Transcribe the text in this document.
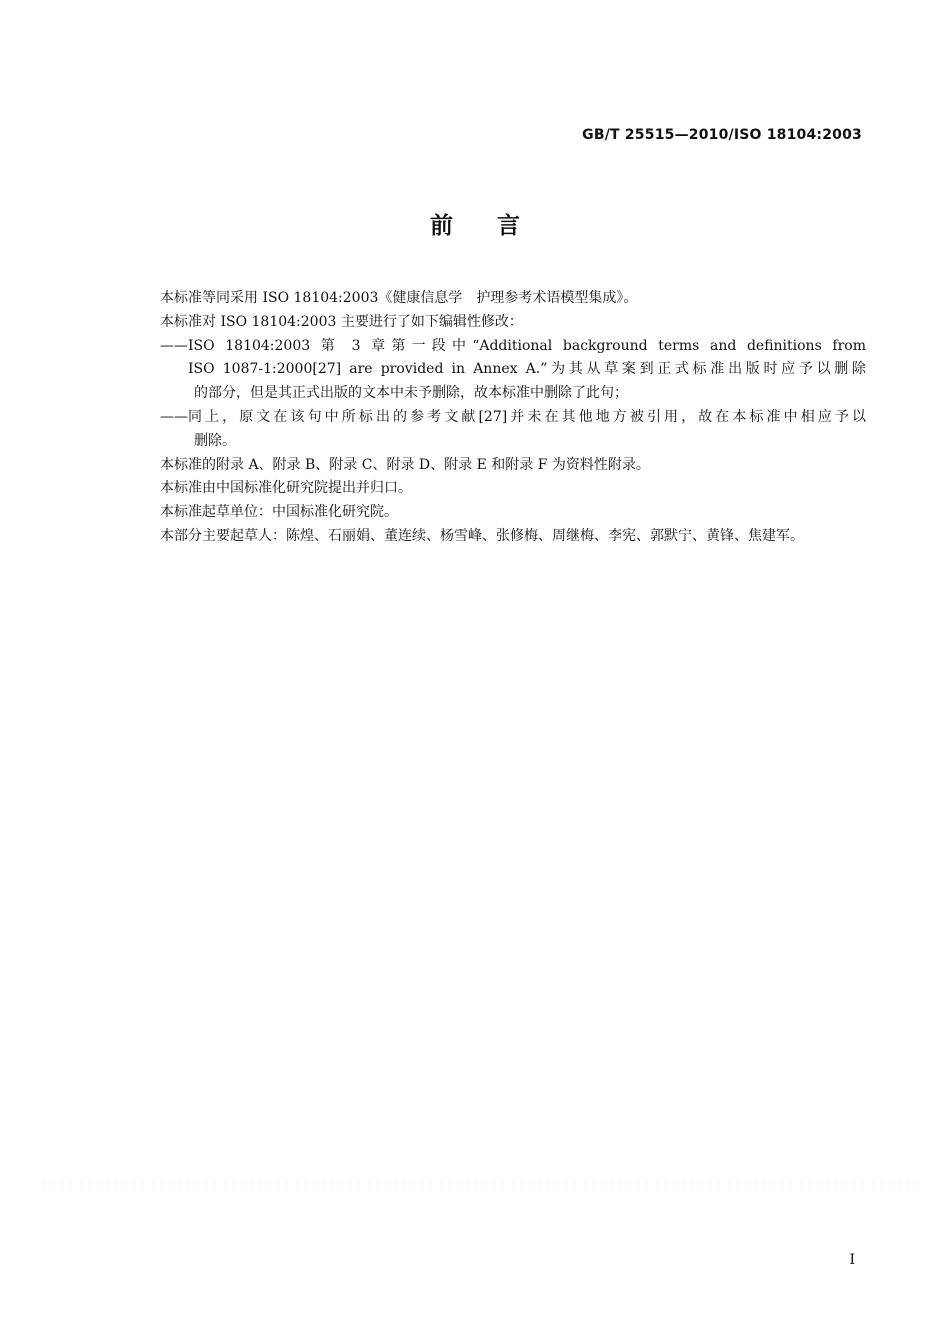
GB/T 25515—2010/ISO 18104:2003
前言

本标准等同采用 ISO 18104:2003《健康信息学　护理参考术语模型集成》。

本标准对 ISO 18104:2003 主要进行了如下编辑性修改：

—— ISO 18104:2003 第 3 章第一段中“Additional background terms and definitions from
ISO 1087-1:2000[27] are provided in Annex A.”为其从草案到正式标准出版时应予以删除
的部分，但是其正式出版的文本中未予删除，故本标准中删除了此句；
—— 同上，原文在该句中所标出的参考文献[27]并未在其他地方被引用，故在本标准中相应予以
删除。

本标准的附录 A、附录 B、附录 C、附录 D、附录 E 和附录 F 为资料性附录。

本标准由中国标准化研究院提出并归口。

本标准起草单位：中国标准化研究院。

本部分主要起草人：陈煌、石丽娟、董连续、杨雪峰、张修梅、周继梅、李宪、郭默宁、黄锋、焦建军。

I
